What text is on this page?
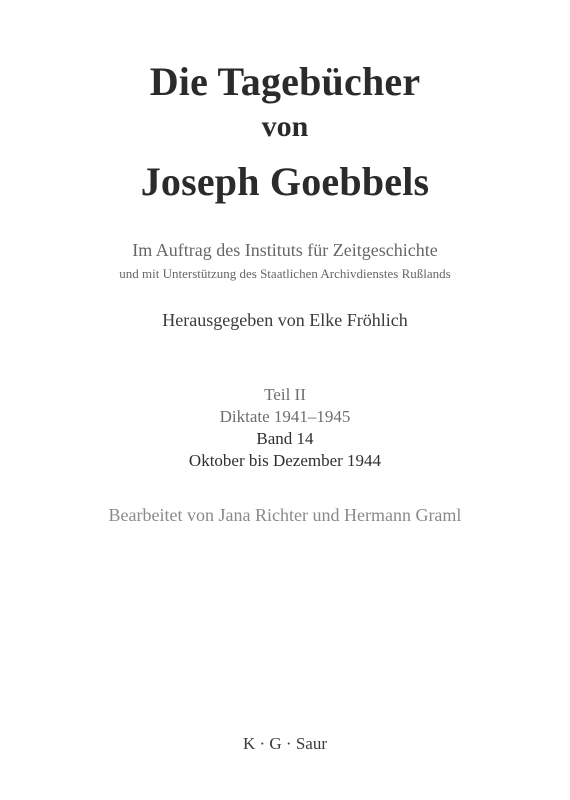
Die Tagebücher
von
Joseph Goebbels
Im Auftrag des Instituts für Zeitgeschichte
und mit Unterstützung des Staatlichen Archivdienstes Rußlands
Herausgegeben von Elke Fröhlich
Teil II
Diktate 1941–1945
Band 14
Oktober bis Dezember 1944
Bearbeitet von Jana Richter und Hermann Graml
K · G · Saur
